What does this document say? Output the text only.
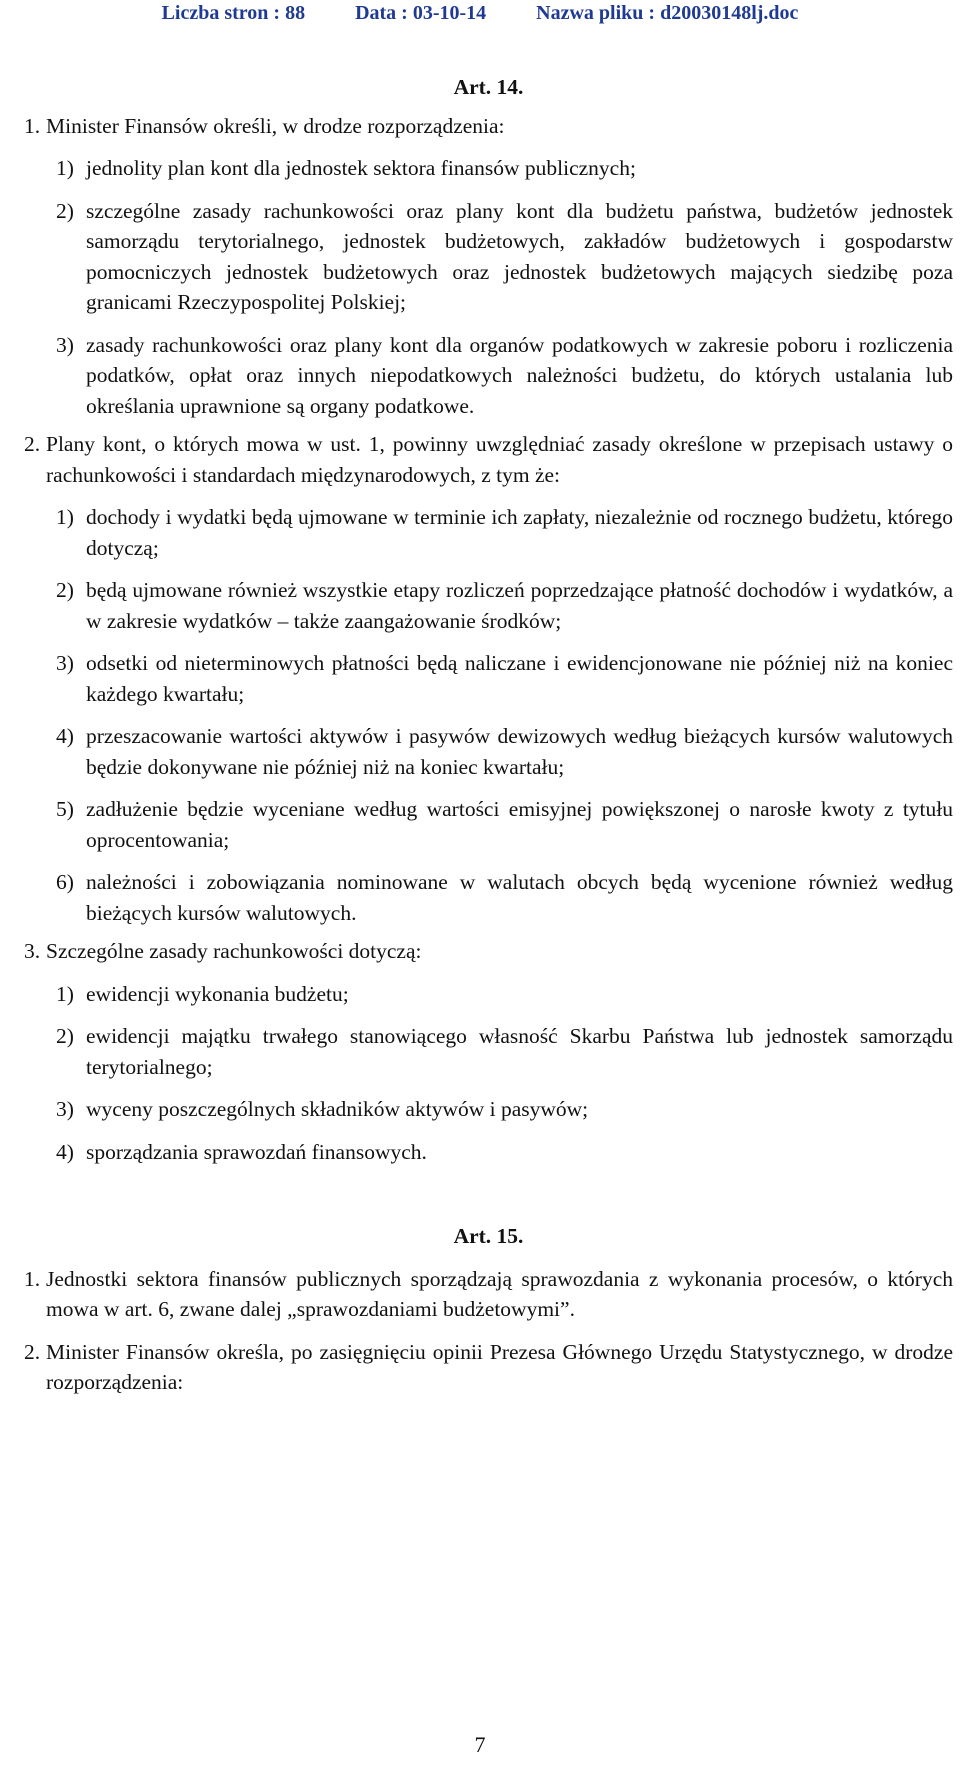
Liczba stron : 88	Data : 03-10-14	Nazwa pliku : d20030148lj.doc

Art. 14.

1. Minister Finansów określi, w drodze rozporządzenia:
1) jednolity plan kont dla jednostek sektora finansów publicznych;
2) szczególne zasady rachunkowości oraz plany kont dla budżetu państwa, budżetów jednostek samorządu terytorialnego, jednostek budżetowych, zakładów budżetowych i gospodarstw pomocniczych jednostek budżetowych oraz jednostek budżetowych mających siedzibę poza granicami Rzeczypospolitej Polskiej;
3) zasady rachunkowości oraz plany kont dla organów podatkowych w zakresie poboru i rozliczenia podatków, opłat oraz innych niepodatkowych należności budżetu, do których ustalania lub określania uprawnione są organy podatkowe.
2. Plany kont, o których mowa w ust. 1, powinny uwzględniać zasady określone w przepisach ustawy o rachunkowości i standardach międzynarodowych, z tym że:
1) dochody i wydatki będą ujmowane w terminie ich zapłaty, niezależnie od rocznego budżetu, którego dotyczą;
2) będą ujmowane również wszystkie etapy rozliczeń poprzedzające płatność dochodów i wydatków, a w zakresie wydatków – także zaangażowanie środków;
3) odsetki od nieterminowych płatności będą naliczane i ewidencjonowane nie później niż na koniec każdego kwartału;
4) przeszacowanie wartości aktywów i pasywów dewizowych według bieżących kursów walutowych będzie dokonywane nie później niż na koniec kwartału;
5) zadłużenie będzie wyceniane według wartości emisyjnej powiększonej o narosłe kwoty z tytułu oprocentowania;
6) należności i zobowiązania nominowane w walutach obcych będą wycenione również według bieżących kursów walutowych.
3. Szczególne zasady rachunkowości dotyczą:
1) ewidencji wykonania budżetu;
2) ewidencji majątku trwałego stanowiącego własność Skarbu Państwa lub jednostek samorządu terytorialnego;
3) wyceny poszczególnych składników aktywów i pasywów;
4) sporządzania sprawozdań finansowych.

Art. 15.

1. Jednostki sektora finansów publicznych sporządzają sprawozdania z wykonania procesów, o których mowa w art. 6, zwane dalej „sprawozdaniami budżetowymi”.
2. Minister Finansów określa, po zasięgnięciu opinii Prezesa Głównego Urzędu Statystycznego, w drodze rozporządzenia:
7
